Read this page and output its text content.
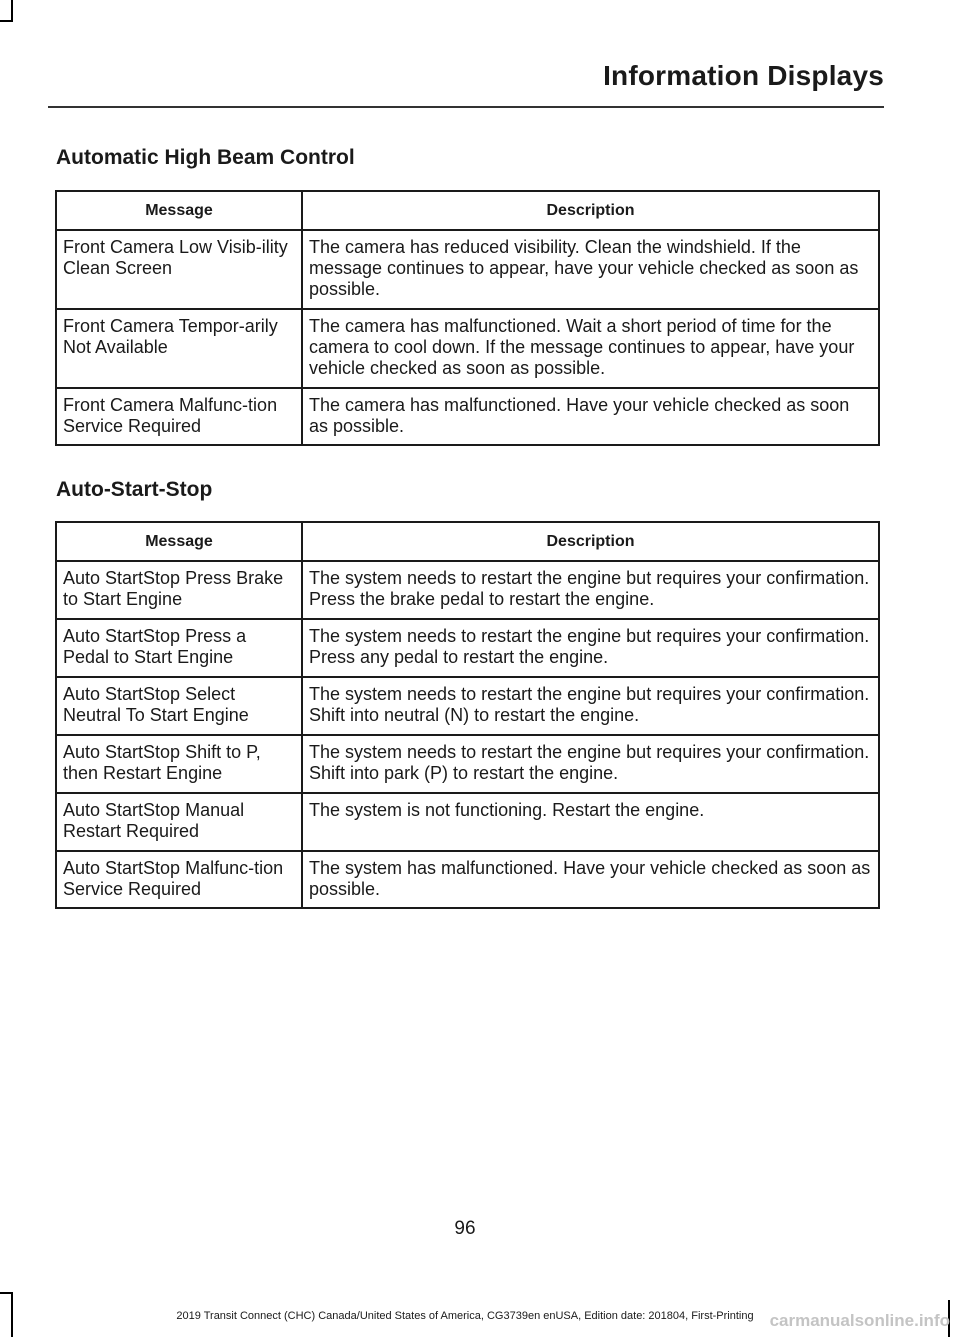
Information Displays
Automatic High Beam Control
Message	Description
Front Camera Low Visib-ility Clean Screen	The camera has reduced visibility. Clean the windshield. If the message continues to appear, have your vehicle checked as soon as possible.
Front Camera Tempor-arily Not Available	The camera has malfunctioned. Wait a short period of time for the camera to cool down. If the message continues to appear, have your vehicle checked as soon as possible.
Front Camera Malfunc-tion Service Required	The camera has malfunctioned. Have your vehicle checked as soon as possible.
Auto-Start-Stop
Message	Description
Auto StartStop Press Brake to Start Engine	The system needs to restart the engine but requires your confirmation. Press the brake pedal to restart the engine.
Auto StartStop Press a Pedal to Start Engine	The system needs to restart the engine but requires your confirmation. Press any pedal to restart the engine.
Auto StartStop Select Neutral To Start Engine	The system needs to restart the engine but requires your confirmation. Shift into neutral (N) to restart the engine.
Auto StartStop Shift to P, then Restart Engine	The system needs to restart the engine but requires your confirmation. Shift into park (P) to restart the engine.
Auto StartStop Manual Restart Required	The system is not functioning. Restart the engine.
Auto StartStop Malfunc-tion Service Required	The system has malfunctioned. Have your vehicle checked as soon as possible.
96
2019 Transit Connect (CHC) Canada/United States of America, CG3739en enUSA, Edition date: 201804, First-Printing carmanualsonline.info
